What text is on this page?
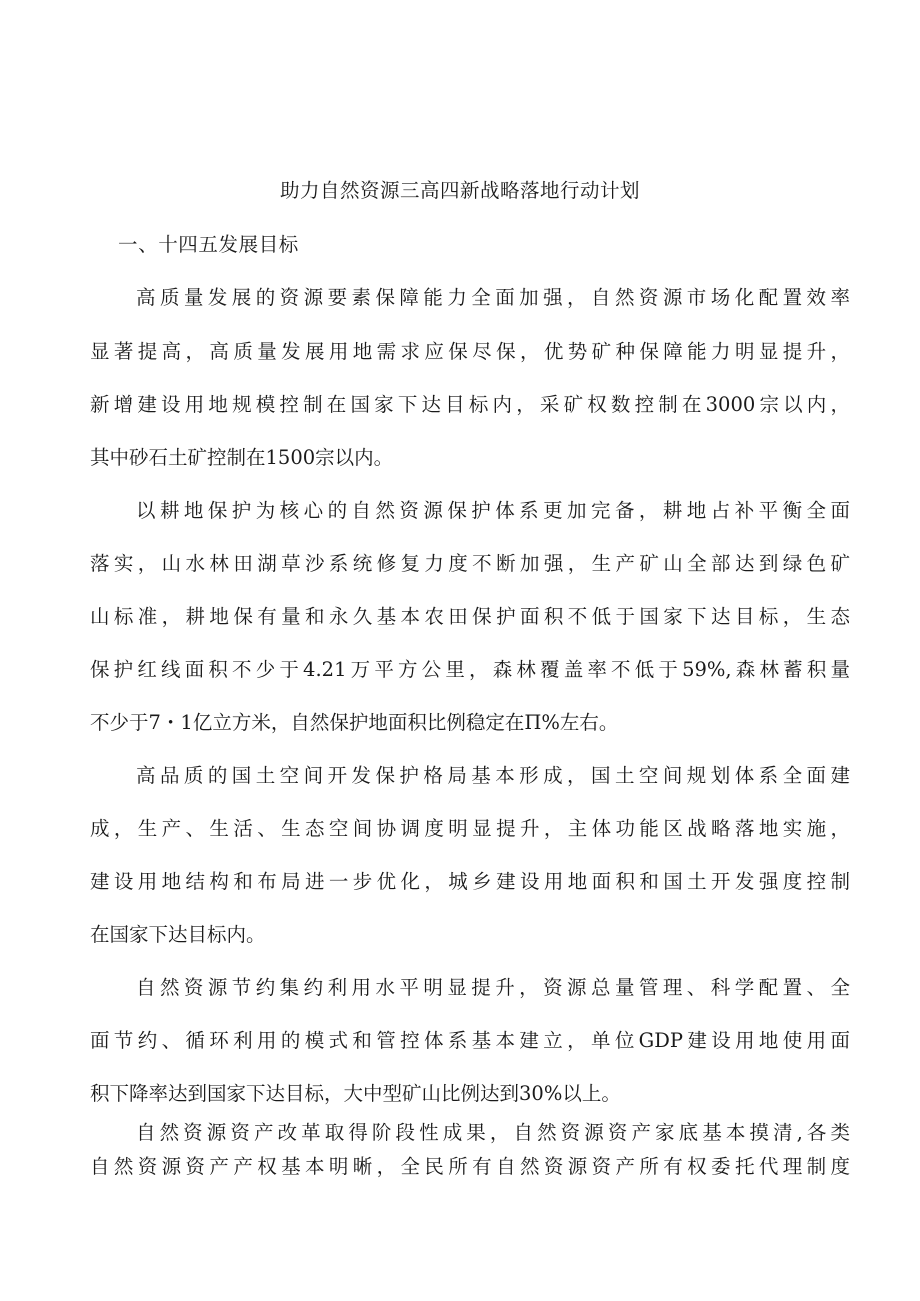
助力自然资源三高四新战略落地行动计划
一、十四五发展目标
高质量发展的资源要素保障能力全面加强，自然资源市场化配置效率
显著提高，高质量发展用地需求应保尽保，优势矿种保障能力明显提升，
新增建设用地规模控制在国家下达目标内，采矿权数控制在3000宗以内，
其中砂石土矿控制在1500宗以内。
以耕地保护为核心的自然资源保护体系更加完备，耕地占补平衡全面
落实，山水林田湖草沙系统修复力度不断加强，生产矿山全部达到绿色矿
山标准，耕地保有量和永久基本农田保护面积不低于国家下达目标，生态
保护红线面积不少于4.21万平方公里，森林覆盖率不低于59%,森林蓄积量
不少于7・1亿立方米，自然保护地面积比例稳定在Π%左右。
高品质的国土空间开发保护格局基本形成，国土空间规划体系全面建
成，生产、生活、生态空间协调度明显提升，主体功能区战略落地实施，
建设用地结构和布局进一步优化，城乡建设用地面积和国土开发强度控制
在国家下达目标内。
自然资源节约集约利用水平明显提升，资源总量管理、科学配置、全
面节约、循环利用的模式和管控体系基本建立，单位GDP建设用地使用面
积下降率达到国家下达目标，大中型矿山比例达到30%以上。
自然资源资产改革取得阶段性成果，自然资源资产家底基本摸清,各类
自然资源资产产权基本明晰，全民所有自然资源资产所有权委托代理制度
